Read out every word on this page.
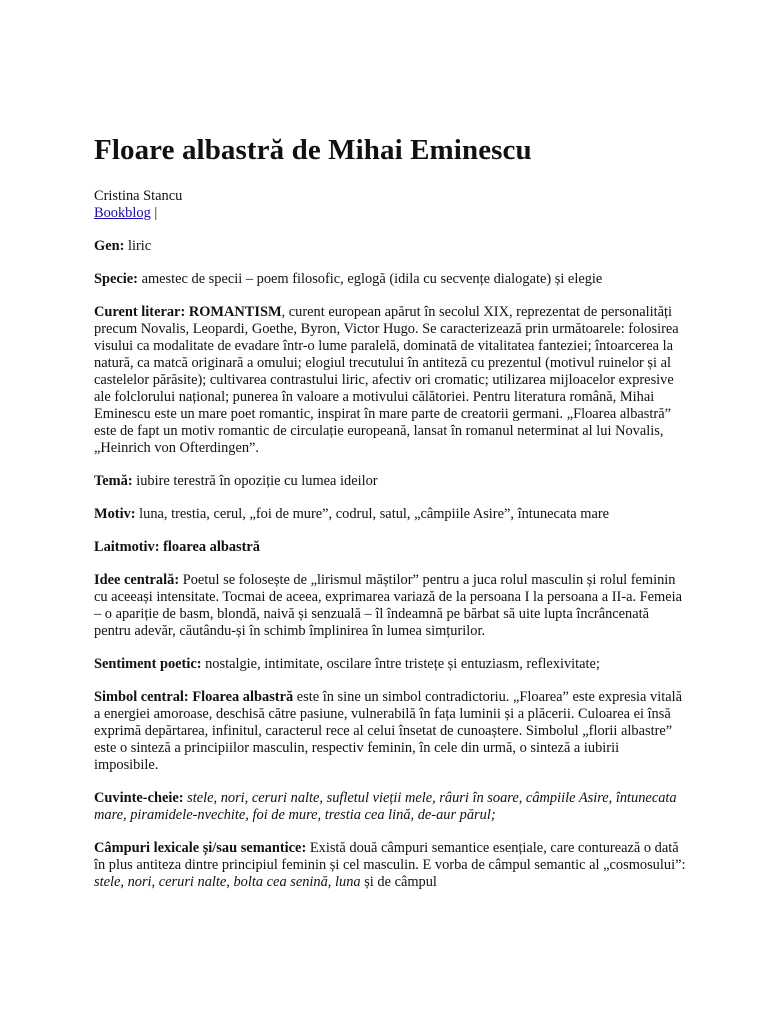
Floare albastră de Mihai Eminescu
Cristina Stancu
Bookblog |

Gen: liric

Specie: amestec de specii – poem filosofic, eglogă (idila cu secvențe dialogate) și elegie

Curent literar: ROMANTISM, curent european apărut în secolul XIX, reprezentat de personalități precum Novalis, Leopardi, Goethe, Byron, Victor Hugo. Se caracterizează prin următoarele: folosirea visului ca modalitate de evadare într-o lume paralelă, dominată de vitalitatea fanteziei; întoarcerea la natură, ca matcă originară a omului; elogiul trecutului în antiteză cu prezentul (motivul ruinelor și al castelelor părăsite); cultivarea contrastului liric, afectiv ori cromatic; utilizarea mijloacelor expresive ale folclorului național; punerea în valoare a motivului călătoriei. Pentru literatura română, Mihai Eminescu este un mare poet romantic, inspirat în mare parte de creatorii germani. „Floarea albastră” este de fapt un motiv romantic de circulație europeană, lansat în romanul neterminat al lui Novalis, „Heinrich von Ofterdingen”.

Temă: iubire terestră în opoziție cu lumea ideilor

Motiv: luna, trestia, cerul, „foi de mure”, codrul, satul, „câmpiile Asire”, întunecata mare

Laitmotiv: floarea albastră

Idee centrală: Poetul se folosește de „lirismul măștilor” pentru a juca rolul masculin și rolul feminin cu aceeași intensitate. Tocmai de aceea, exprimarea variază de la persoana I la persoana a II-a. Femeia – o apariție de basm, blondă, naivă și senzuală – îl îndeamnă pe bărbat să uite lupta încrâncenată pentru adevăr, căutându-și în schimb împlinirea în lumea simțurilor.

Sentiment poetic: nostalgie, intimitate, oscilare între tristețe și entuziasm, reflexivitate;

Simbol central: Floarea albastră este în sine un simbol contradictoriu. „Floarea” este expresia vitală a energiei amoroase, deschisă către pasiune, vulnerabilă în fața luminii și a plăcerii. Culoarea ei însă exprimă depărtarea, infinitul, caracterul rece al celui însetat de cunoaștere. Simbolul „florii albastre” este o sinteză a principiilor masculin, respectiv feminin, în cele din urmă, o sinteză a iubirii imposibile.

Cuvinte-cheie: stele, nori, ceruri nalte, sufletul vieții mele, râuri în soare, câmpiile Asire, întunecata mare, piramidele-nvechite, foi de mure, trestia cea lină, de-aur părul;

Câmpuri lexicale și/sau semantice: Există două câmpuri semantice esențiale, care conturează o dată în plus antiteza dintre principiul feminin și cel masculin. E vorba de câmpul semantic al „cosmosului”: stele, nori, ceruri nalte, bolta cea senină, luna și de câmpul
